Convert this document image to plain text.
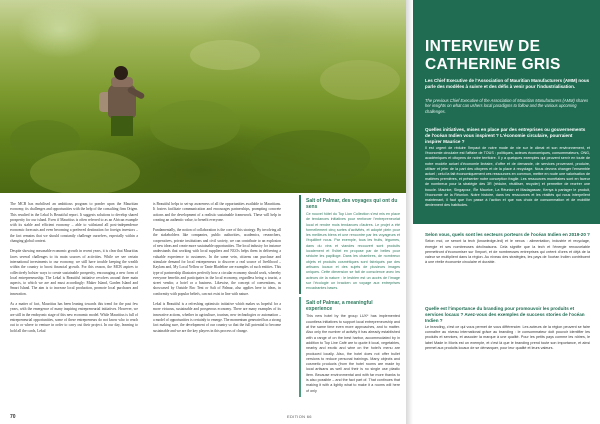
The MCB has mobilised an ambitious program to ponder upon the Mauritian economy, its challenges and opportunities with the help of the consulting firm Origen. This resulted in the Lekal Is Beautiful report. It suggests solutions to develop shared prosperity for our island. Even if Mauritius is often referred to as an African example with its stable and efficient economy – able to withstand all post-independence economic forecasts and even becoming a preferred destination for foreign investors – the fact remains that we should constantly challenge ourselves, especially within a changing global context.

Despite showing reasonable economic growth in recent years, it is clear that Mauritius faces several challenges to its main sources of activities. While we see certain international investments to our economy, we still have trouble keeping the wealth within the country to boost financial growth. For this reason, the MCB aspires to collectively bolster ways to create sustainable prosperity, encouraging a new form of local entrepreneurship. The Lekal is Beautiful initiative revolves around three main aspects, to which we are and must accordingly: Maker Island, Garden Island and Smart Island. The aim is to increase local production, promote local purchases and innovation.

As a matter of fact, Mauritius has been leaning towards this trend for the past few years, with the emergence of many inspiring entrepreneurial initiatives. However, we are still in the embryonic stage of this new economic model. While Mauritius is full of entrepreneurial opportunities, some of these entrepreneurs do not know who to reach out to or where to venture in order to carry out their project. In our day, learning to hold all the cards, Lekal

is Beautiful helps to set-up awareness of all the opportunities available to Mauritians. It fosters facilitate communication and encourages partnerships, prompting concrete actions and the development of a realistic sustainable framework. These will help in creating an authentic value, to benefit everyone.

Fundamentally, the notion of collaboration is the core of this strategy. By involving all the stakeholders like companies, public authorities, academics, researchers, cooperatives, private institutions and civil society, we can contribute to an explosion of new ideas and create more sustainable opportunities. The local industry for instance understands that working with local suppliers and NGOs helps them in delivering a valuable experience to customers. In the same vein, citizens can purchase and stimulate demand for local entrepreneurs to discover a real source of livelihood – Kaylam and, My Local Yellow or Tante Bladeline are examples of such entities. This type of partnership illustrates perfectly how a circular economy should work, whereby everyone benefits and participates in the local economy, regardless being a tourist, a street vendor, a hotel or a business. Likewise, the concept of conventions, as showcased by Outside Boc Tent or Salt of Palmar, also applies here to ideas, in conformity with popular beliefs, can not exist in line with nature.

Lekal is Beautiful is a refreshing optimistic initiative which makes us hopeful for a more virtuous, sustainable and prosperous economy. There are many examples of its innovative actions, whether in agriculture, tourism, new technologies or automation – a model of opportunities is certainly to emerge. The momentum generated has a strong fact making sure, the development of our country so that the full potential to become sustainable and we are the key players in this process of change.

Salt of Palmar, des voyages qui ont du sens
Ce nouvel hôtel du Top Lion Collection s'est mis en place de tendances initiatives pour renforcer l'entrepreneuriat local et rendre mois tendances d'autres. Le projet a été formellement cinq sortes d'activités, et adopté plein pour les meilleurs biens et une rencontre par les voyageurs et l'équilibré nous. Par exemple, tous les fruits, légumes, dans du vins et viandes recouvert sont produits localement et l'hôtel en propose par de belles pour séduire les papilloge. Dans les chambres, de nombreux objets et produits cosmétiques sont fabriqués par des artisans locaux et des sujets de plusieurs images uniques. Cette dimension se fait de conscience avec les acteurs de la nature : le lesbien est un accès de l'image sur l'écologie un bracken un voyage aux entreprises encadrantes bases.
Salt of Palmar, a meaningful experience
This new hotel by the group LUX* has implemented countless initiatives to support local entrepreneurship and at the same time even more approaches, and to matter. Also only the number of activity it has already established with a range of on the best harbor, accommodated by in addition to Top Line Café are to quote it local, vegetables, nearby and exotic and wine on the hotel's menu are produced locally. Also, the hotel does not offer bullet versions to reduce personal trainings. Many objects and cosmetic products (from the hotel rooms are made by local artisans as well and their is no single use plastic item. Because environmental and with far more thanks to is also possible – and the fact part of. That continues that making it with a lightly what to make it a rooms will here of only
70	EDITION 66
INTERVIEW DE CATHERINE GRIS
Les Chief Executive de l'Association of Mauritian Manufacturers (AMM) nous parle des modèles à suivre et des défis à venir pour l'industrialisation.
The previous Chief Executive of the Association of Mauritian Manufacturers (AMM) shares her insights on what can ushers local paradigms to follow and the various upcoming challenges.
Quelles initiatives, mises en place par des entreprises ou gouvernements de l'océan Indien vous inspirent ? L'économie circulaire, pourraient inspirer Maurice ?
Il est urgent de réduire l'impact de notre mode de vie sur le climat et son environnement, et l'économie circulaire est l'affaire de TOUS : politiques, acteurs économiques, consommateurs, ONG, académiques et citoyens de notre territoire. Il y a quelques exemples qui peuvent servir en toute de notre modèle actuel d'économie linéaire, d'offre et de demande, de services provenant, produire, utiliser et jeter de la part des citoyens et de la place à recyclage. Nous devons changer l'ensemble actuel ; celui la fait économiquement ces ressources en commun, mettre en route une valorisation de matières premières, et présenter notre conception fragile. Les ressources monétaires sont en faveur de nombreux pour la stratégie des 3R (réduire, réutiliser, recycler) et permettre de recréer une boucle. Maurice, Singapour, l'Île Maurice, La Réunion et Madagascar, Kenya à partager le produit, l'économie de la Réunion. Notre histoire, dans les ressources et les réalités qui nous interpellent maintenant, il faut que l'on passe à l'action et que nos choix de consommation et de mobilité deviennent des habitudes.
Selon vous, quels sont les secteurs porteurs de l'océan Indien en 2019-20 ?
Selon moi, ce seront la tech (knowledge-led) et le nexus : alimentation, industrie et recyclage, énergie et ses nombreuses déclinaisons. Cela signifie que la tech et l'énergie renouvelable permettront d'économiser sur l'import, et de nombreuses entreprises qui créent d'ores et déjà de la valeur se multiplient dans la région. Au niveau des stratégies, les pays de l'océan Indien contribuent à une réelle économie circulaire et durable.
Quelle est l'importance du branding pour promouvoir les produits et services locaux ? Avez-vous des exemples de success stories de l'océan Indien ?
Le branding, c'est ce qui vous permet de vous différencier. Les acteurs de la région peuvent se faire connaître au niveau international grâce au branding : le consommateur doit pouvoir identifier les produits et services, et associer la marque à une qualité. Pour les petits pays comme les nôtres, le label Made in Moris est un exemple, et c'est là que le branding prend toute son importance, et ainsi permet aux produits locaux de se démarquer, pour leur qualité et leurs valeurs.
